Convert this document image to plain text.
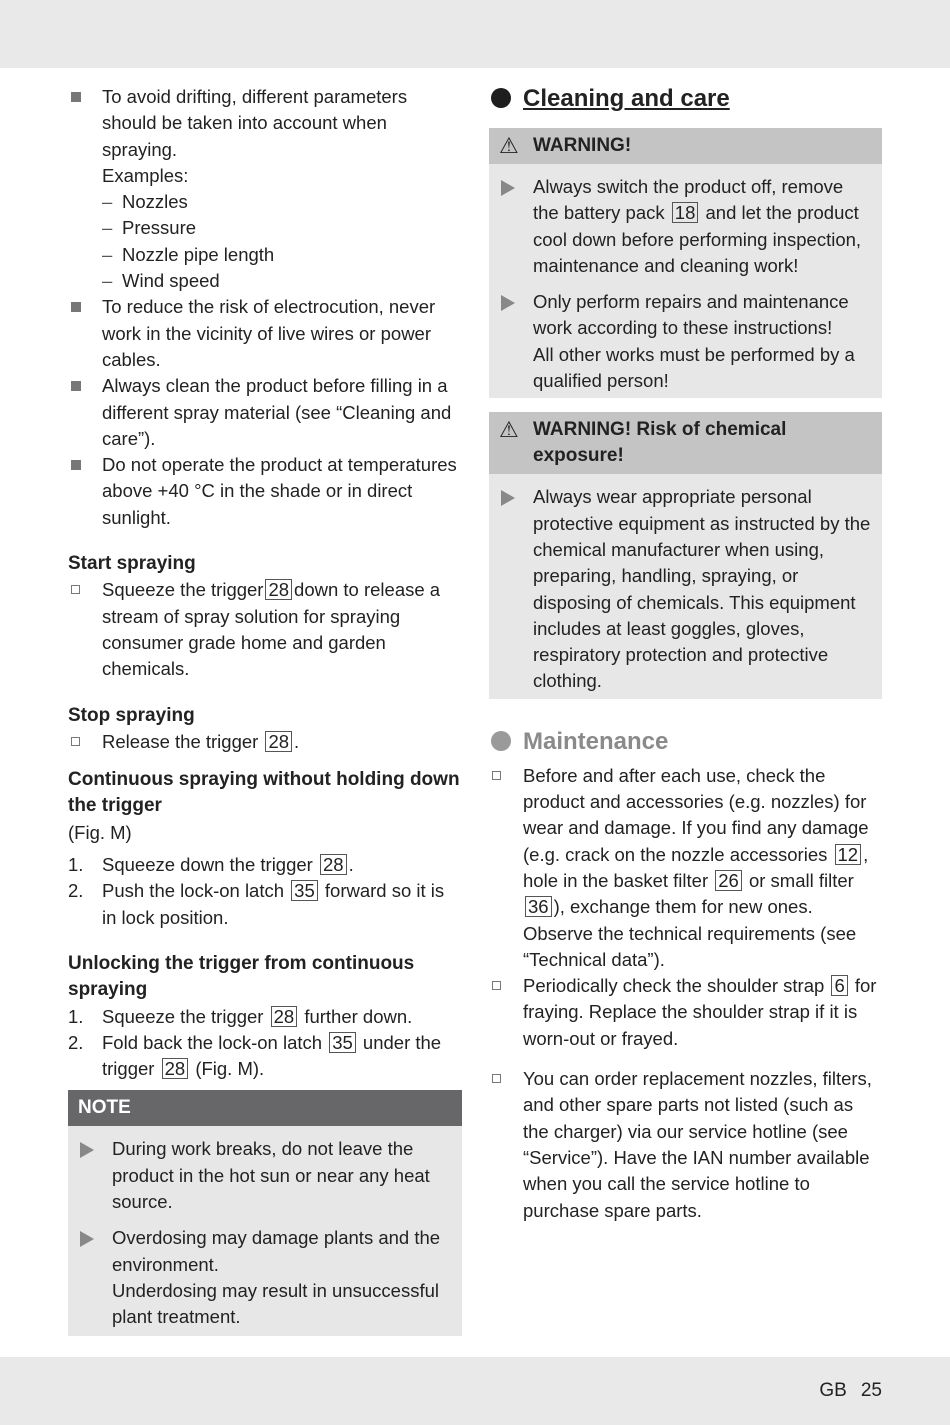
To avoid drifting, different parameters
should be taken into account when
spraying.
Examples:
– Nozzles
– Pressure
– Nozzle pipe length
– Wind speed
To reduce the risk of electrocution, never work in the vicinity of live wires or power cables.
Always clean the product before filling in a different spray material (see “Cleaning and care”).
Do not operate the product at temperatures above +40 °C in the shade or in direct sunlight.
Start spraying
Squeeze the trigger 28 down to release a stream of spray solution for spraying consumer grade home and garden chemicals.
Stop spraying
Release the trigger 28 .
Continuous spraying without holding down the trigger
(Fig. M)
1. Squeeze down the trigger 28 .
2. Push the lock-on latch 35 forward so it is in lock position.
Unlocking the trigger from continuous spraying
1. Squeeze the trigger 28 further down.
2. Fold back the lock-on latch 35 under the trigger 28 (Fig. M).
NOTE
During work breaks, do not leave the product in the hot sun or near any heat source.
Overdosing may damage plants and the environment.
Underdosing may result in unsuccessful plant treatment.
Cleaning and care
⚠ WARNING!
Always switch the product off, remove the battery pack 18 and let the product cool down before performing inspection, maintenance and cleaning work!
Only perform repairs and maintenance work according to these instructions!
All other works must be performed by a qualified person!
⚠ WARNING! Risk of chemical exposure!
Always wear appropriate personal protective equipment as instructed by the chemical manufacturer when using, preparing, handling, spraying, or disposing of chemicals. This equipment includes at least goggles, gloves, respiratory protection and protective clothing.
Maintenance
Before and after each use, check the product and accessories (e.g. nozzles) for wear and damage. If you find any damage (e.g. crack on the nozzle accessories 12 , hole in the basket filter 26 or small filter 36 ), exchange them for new ones. Observe the technical requirements (see “Technical data”).
Periodically check the shoulder strap 6 for fraying. Replace the shoulder strap if it is worn-out or frayed.
You can order replacement nozzles, filters, and other spare parts not listed (such as the charger) via our service hotline (see “Service”). Have the IAN number available when you call the service hotline to purchase spare parts.
GB 25
